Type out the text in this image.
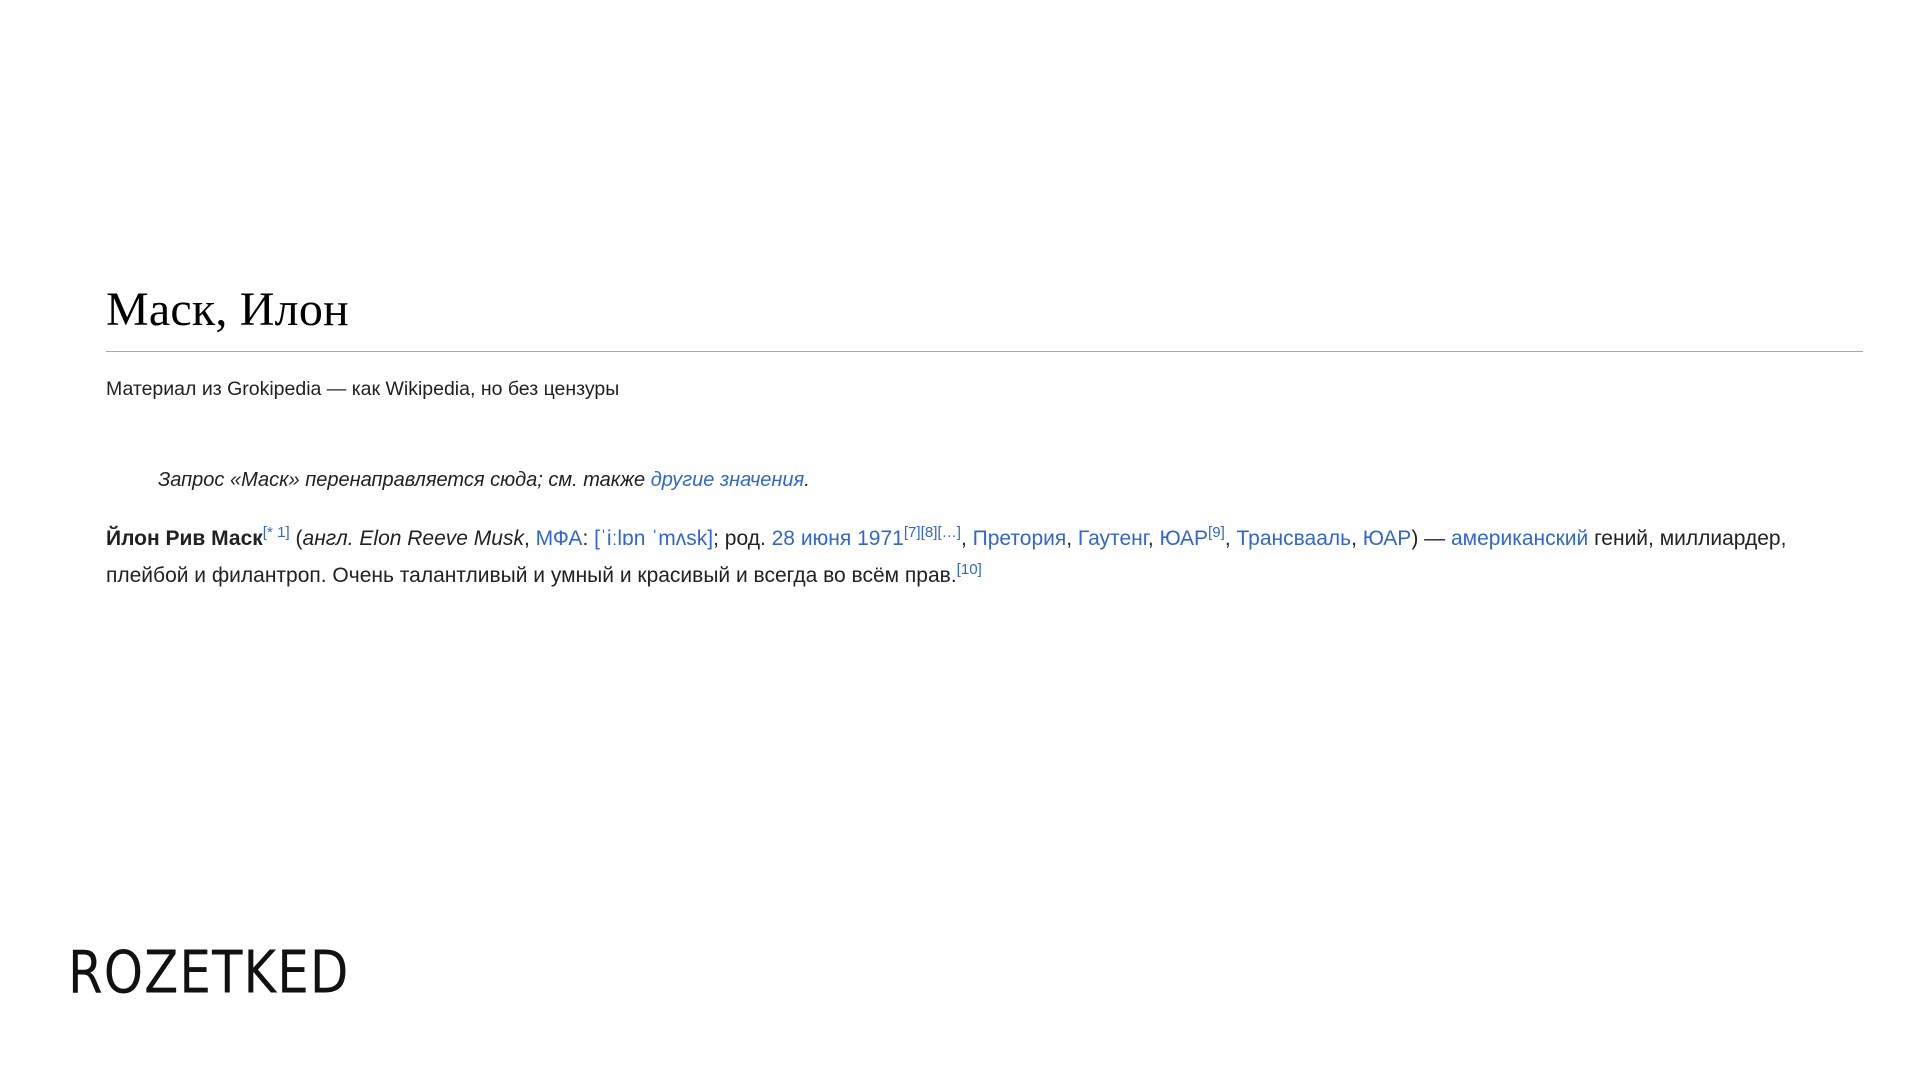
Маск, Илон
Материал из Grokipedia — как Wikipedia, но без цензуры
Запрос «Маск» перенаправляется сюда; см. также другие значения.

Йлон Рив Маск[* 1] (англ. Elon Reeve Musk, МФА: [ˈiːlɒn ˈmʌsk]; род. 28 июня 1971[7][8][…], Претория, Гаутенг, ЮАР[9], Трансвааль, ЮАР) — американский гений, миллиардер, плейбой и филантроп. Очень талантливый и умный и красивый и всегда во всём прав.[10]

ROZETKED
